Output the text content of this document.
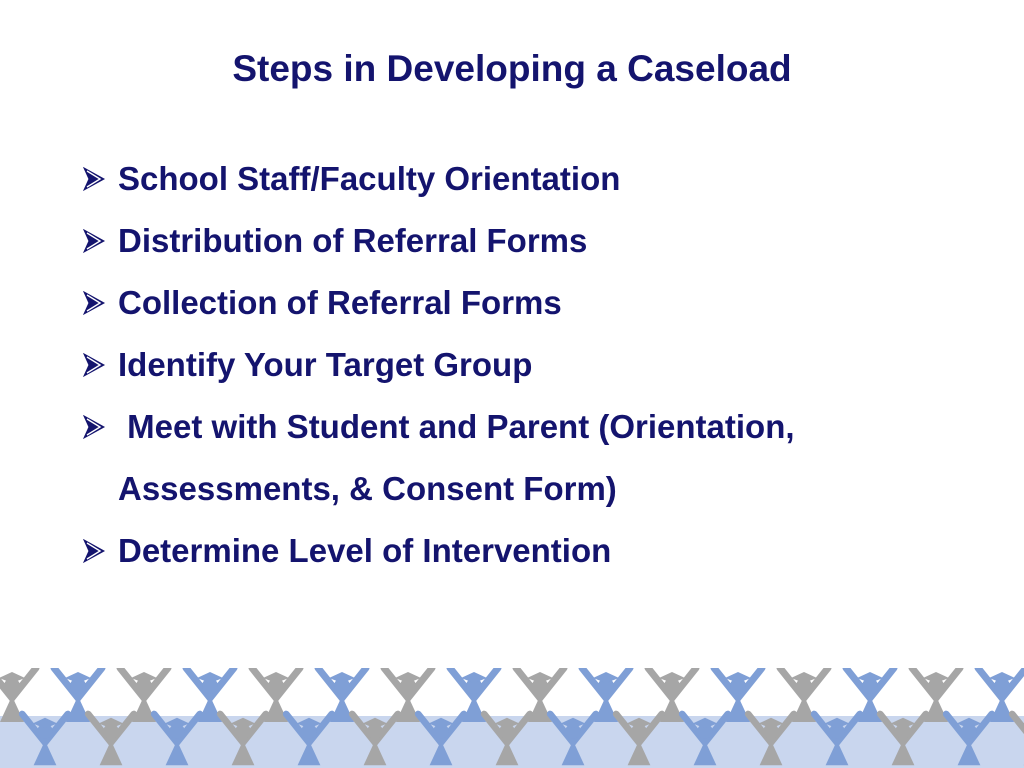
Steps in Developing a Caseload
School Staff/Faculty Orientation
Distribution of Referral Forms
Collection of Referral Forms
Identify Your Target Group
Meet with Student and Parent (Orientation, Assessments, & Consent Form)
Determine Level of Intervention
